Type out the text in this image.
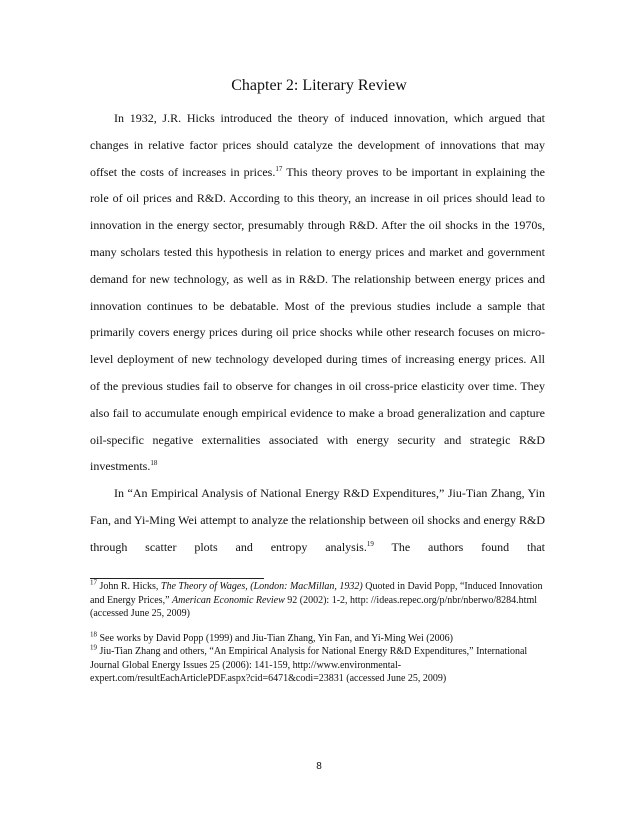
Chapter 2: Literary Review

In 1932, J.R. Hicks introduced the theory of induced innovation, which argued that changes in relative factor prices should catalyze the development of innovations that may offset the costs of increases in prices.$^{17}$ This theory proves to be important in explaining the role of oil prices and R&D. According to this theory, an increase in oil prices should lead to innovation in the energy sector, presumably through R&D. After the oil shocks in the 1970s, many scholars tested this hypothesis in relation to energy prices and market and government demand for new technology, as well as in R&D. The relationship between energy prices and innovation continues to be debatable. Most of the previous studies include a sample that primarily covers energy prices during oil price shocks while other research focuses on micro-level deployment of new technology developed during times of increasing energy prices. All of the previous studies fail to observe for changes in oil cross-price elasticity over time. They also fail to accumulate enough empirical evidence to make a broad generalization and capture oil-specific negative externalities associated with energy security and strategic R&D investments.$^{18}$

In “An Empirical Analysis of National Energy R&D Expenditures,” Jiu-Tian Zhang, Yin Fan, and Yi-Ming Wei attempt to analyze the relationship between oil shocks and energy R&D through scatter plots and entropy analysis.$^{19}$ The authors found that

$^{17}$ John R. Hicks, The Theory of Wages, (London: MacMillan, 1932) Quoted in David Popp, “Induced Innovation and Energy Prices,” American Economic Review 92 (2002): 1-2, http: //ideas.repec.org/p/nbr/nberwo/8284.html (accessed June 25, 2009)

$^{18}$ See works by David Popp (1999) and Jiu-Tian Zhang, Yin Fan, and Yi-Ming Wei (2006)

$^{19}$ Jiu-Tian Zhang and others, “An Empirical Analysis for National Energy R&D Expenditures,” International Journal Global Energy Issues 25 (2006): 141-159, http://www.environmental-expert.com/resultEachArticlePDF.aspx?cid=6471&codi=23831 (accessed June 25, 2009)

8
